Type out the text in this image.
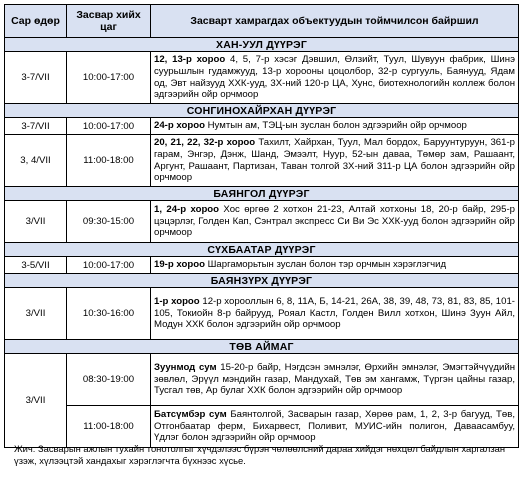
Сар өдөр	Засвар хийх цаг	Засварт хамрагдах объектуудын тоймчилсон байршил
ХАН-УУЛ ДҮҮРЭГ		
3-7/VII	10:00-17:00	12, 13-р хороо 4, 5, 7-р хэсэг Дэвшил, Өлзийт, Туул, Шувуун фабрик, Шинэ суурьшлын гудамжууд, 13-р хорооны цоцолбор, 32-р сургууль, Баянууд, Ядам од, Эвт найзууд ХХК-ууд, 3Х-ний 120-р ЦА, Хунс, биотехнологийн коллеж болон эдгээрийн ойр орчмоор
СОНГИНОХАЙРХАН ДҮҮРЭГ		
3-7/VII	10:00-17:00	24-р хороо Нумтын ам, ТЭЦ-ын зуслан болон эдгээрийн ойр орчмоор
3, 4/VII	11:00-18:00	20, 21, 22, 32-р хороо Тахилт, Хайрхан, Туул, Мал бордох, Баруунтуруун, 361-р гарам, Энгэр, Дэнж, Шанд, Эмээлт, Нуур, 52-ын даваа, Төмөр зам, Рашаант, Аргунт, Рашаант, Партизан, Таван толгой 3Х-ний 311-р ЦА болон эдгээрийн ойр орчмоор
БАЯНГОЛ ДҮҮРЭГ		
3/VII	09:30-15:00	1, 24-р хороо Хос өргөө 2 хотхон 21-23, Алтай хотхоны 18, 20-р байр, 295-р цэцэрлэг, Голден Кап, Сэнтрал экспресс Си Ви Эс ХХК-ууд болон эдгээрийн ойр орчмоор
СҮХБААТАР ДҮҮРЭГ		
3-5/VII	10:00-17:00	19-р хороо Шаргаморьтын зуслан болон тэр орчмын хэрэглэгчид
БАЯНЗҮРХ ДҮҮРЭГ		
3/VII	10:30-16:00	1-р хороо 12-р хорооллын 6, 8, 11А, Б, 14-21, 26А, 38, 39, 48, 73, 81, 83, 85, 101-105, Токиойн 8-р байрууд, Рояал Кастл, Голден Вилл хотхон, Шинэ Зуун Айл, Модун ХХК болон эдгээрийн ойр орчмоор
ТӨВ АЙМАГ		
3/VII	08:30-19:00	Зуунмод сум 15-20-р байр, Нэгдсэн эмнэлэг, Өрхийн эмнэлэг, Эмэгтэйчүүдийн зөвлөл, Эрүүл мэндийн газар, Мандухай, Төв эм хангамж, Түргэн цайны газар, Тусгал төв, Ар булаг ХХК болон эдгээрийн ойр орчмоор
	11:00-18:00	Батсүмбэр сум Баянтолгой, Засварын газар, Хөрөө рам, 1, 2, 3-р багууд, Төв, Отгонбаатар ферм, Бихарвест, Поливит, МУИС-ийн полигон, Даваасамбуу, Үдлэг болон эдгээрийн ойр орчмоор
Жич: Засварын ажлын тухайн тонотолгыг хүчдэлээс бүрэн чөлөөлсний дараа хийдэг нөхцөл байдлын харгалзан үзэж, хүлээцтэй хандахыг хэрэглэгчта бүхнээс хүсье.
